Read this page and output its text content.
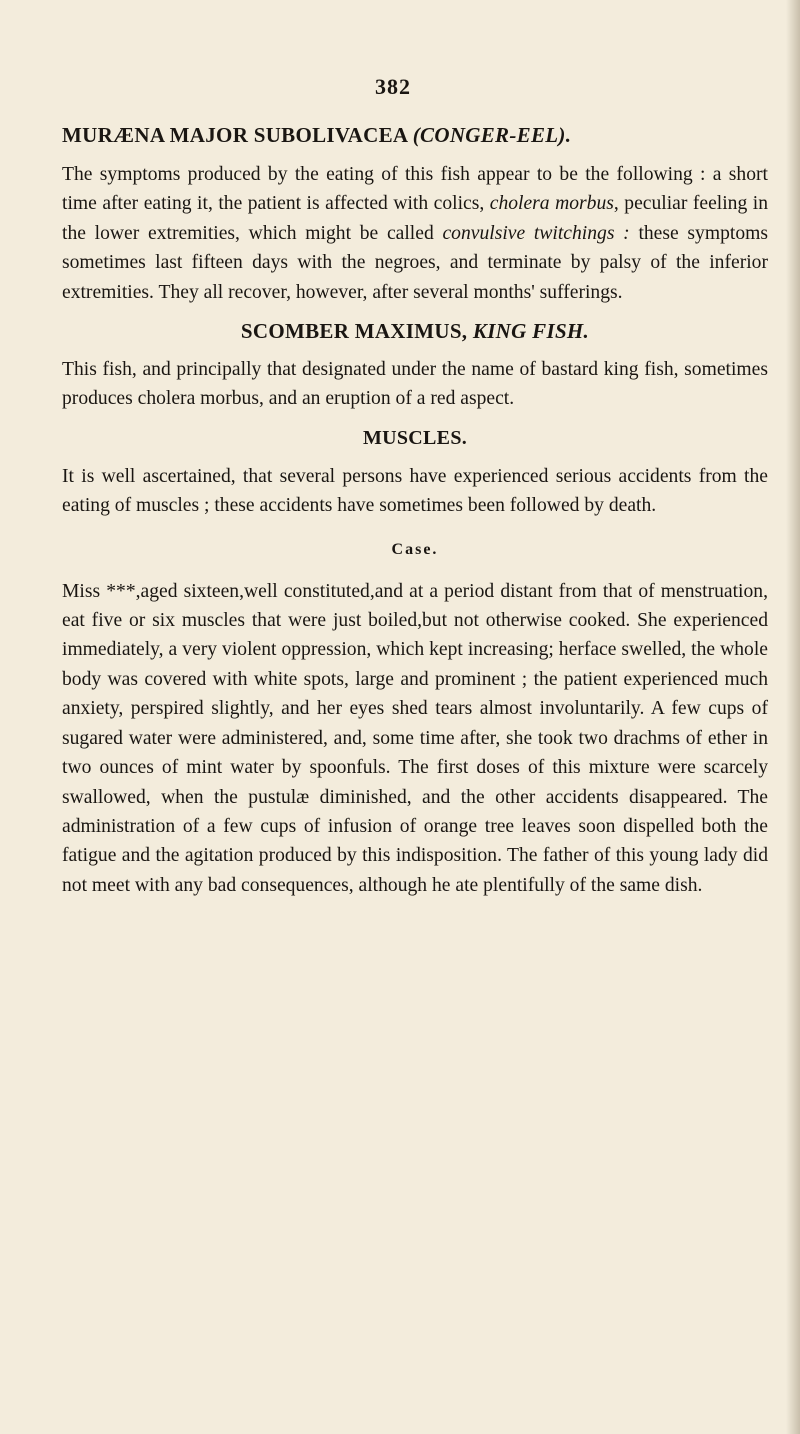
382
MURÆNA MAJOR SUBOLIVACEA (CONGER-EEL).

The symptoms produced by the eating of this fish appear to be the following : a short time after eating it, the patient is affected with colics, cholera morbus, peculiar feeling in the lower extremities, which might be called convulsive twitchings : these symptoms sometimes last fifteen days with the negroes, and terminate by palsy of the inferior extremities. They all recover, however, after several months' sufferings.

SCOMBER MAXIMUS, KING FISH.

This fish, and principally that designated under the name of bastard king fish, sometimes produces cholera morbus, and an eruption of a red aspect.

MUSCLES.

It is well ascertained, that several persons have experienced serious accidents from the eating of muscles ; these accidents have sometimes been followed by death.

Case.

Miss ***,aged sixteen,well constituted,and at a period distant from that of menstruation, eat five or six muscles that were just boiled,but not otherwise cooked. She experienced immediately, a very violent oppression, which kept increasing; herface swelled, the whole body was covered with white spots, large and prominent ; the patient experienced much anxiety, perspired slightly, and her eyes shed tears almost involuntarily. A few cups of sugared water were administered, and, some time after, she took two drachms of ether in two ounces of mint water by spoonfuls. The first doses of this mixture were scarcely swallowed, when the pustulæ diminished, and the other accidents disappeared. The administration of a few cups of infusion of orange tree leaves soon dispelled both the fatigue and the agitation produced by this indisposition. The father of this young lady did not meet with any bad consequences, although he ate plentifully of the same dish.
